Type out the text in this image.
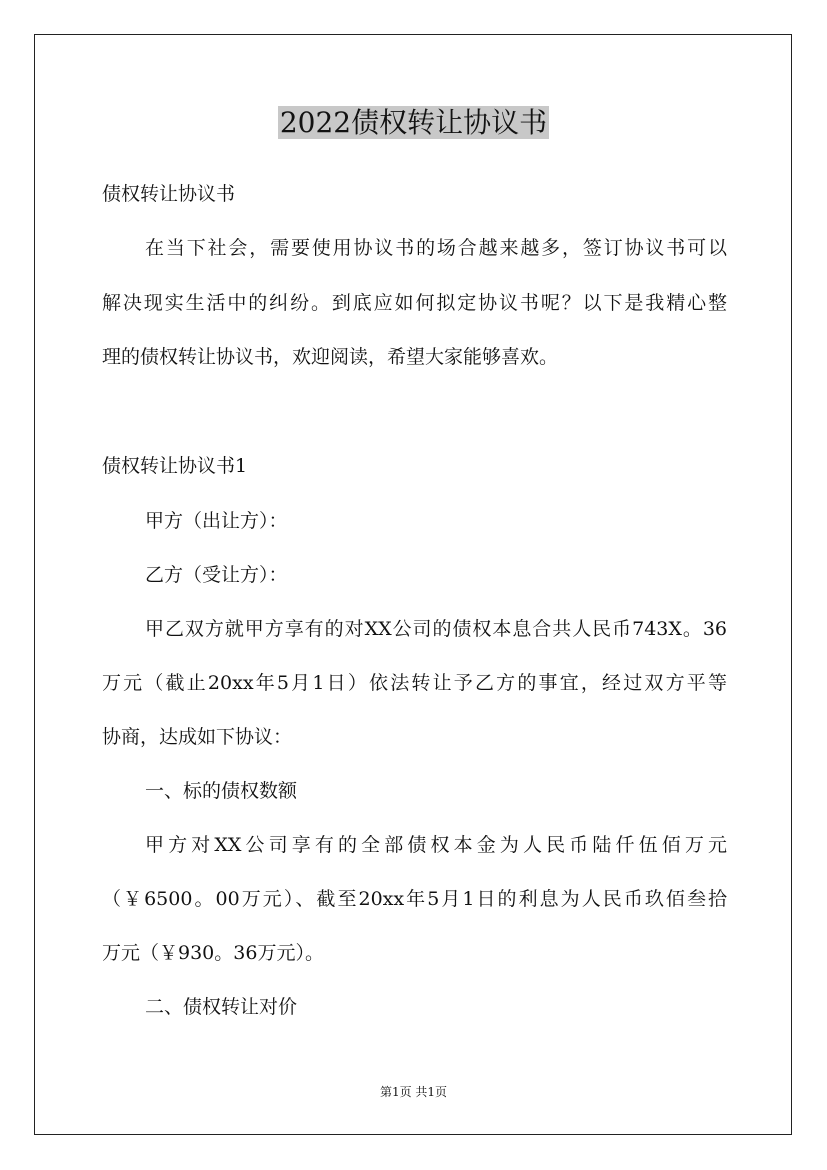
2022债权转让协议书
债权转让协议书
在当下社会，需要使用协议书的场合越来越多，签订协议书可以
解决现实生活中的纠纷。到底应如何拟定协议书呢？以下是我精心整
理的债权转让协议书，欢迎阅读，希望大家能够喜欢。
债权转让协议书1
甲方（出让方）：
乙方（受让方）：
甲乙双方就甲方享有的对XX公司的债权本息合共人民币743X。36
万元（截止20xx年5月1日）依法转让予乙方的事宜，经过双方平等
协商，达成如下协议：
一、标的债权数额
甲方对XX公司享有的全部债权本金为人民币陆仟伍佰万元
（￥6500。00万元）、截至20xx年5月1日的利息为人民币玖佰叁拾
万元（￥930。36万元）。
二、债权转让对价
第1页 共1页
